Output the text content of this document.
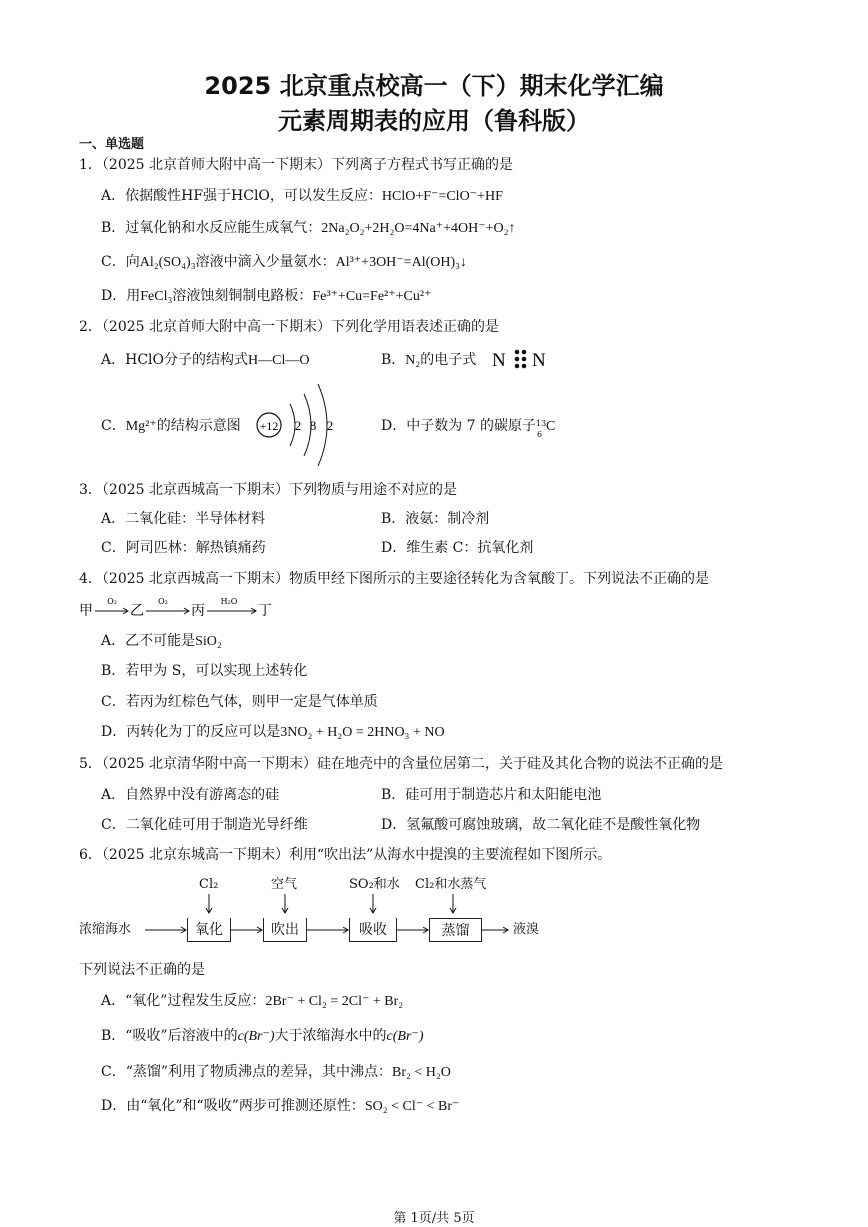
2025 北京重点校高一（下）期末化学汇编
元素周期表的应用（鲁科版）
一、单选题
1．（2025 北京首师大附中高一下期末）下列离子方程式书写正确的是
A．依据酸性HF强于HClO，可以发生反应：HClO+F⁻=ClO⁻+HF
B．过氧化钠和水反应能生成氧气：2Na₂O₂+2H₂O=4Na⁺+4OH⁻+O₂↑
C．向Al₂(SO₄)₃溶液中滴入少量氨水：Al³⁺+3OH⁻=Al(OH)₃↓
D．用FeCl₃溶液蚀刻铜制电路板：Fe³⁺+Cu=Fe²⁺+Cu²⁺
2．（2025 北京首师大附中高一下期末）下列化学用语表述正确的是
A．HClO分子的结构式H—Cl—O	B．N₂的电子式 N N
C．Mg²⁺的结构示意图 +12 2 8 2	D．中子数为 7 的碳原子 13
6
C
3．（2025 北京西城高一下期末）下列物质与用途不对应的是
A．二氧化硅：半导体材料	B．液氨：制冷剂
C．阿司匹林：解热镇痛药	D．维生素 C：抗氧化剂
4．（2025 北京西城高一下期末）物质甲经下图所示的主要途径转化为含氧酸丁。下列说法不正确的是
甲
O₂
乙
O₂
丙
H₂O
丁
A．乙不可能是SiO₂
B．若甲为 S，可以实现上述转化
C．若丙为红棕色气体，则甲一定是气体单质
D．丙转化为丁的反应可以是3NO₂ + H₂O = 2HNO₃ + NO
5．（2025 北京清华附中高一下期末）硅在地壳中的含量位居第二，关于硅及其化合物的说法不正确的是
A．自然界中没有游离态的硅	B．硅可用于制造芯片和太阳能电池
C．二氧化硅可用于制造光导纤维	D．氢氟酸可腐蚀玻璃，故二氧化硅不是酸性氧化物
6．（2025 北京东城高一下期末）利用“吹出法”从海水中提溴的主要流程如下图所示。
Cl₂	空气	SO₂和水 Cl₂和水蒸气
浓缩海水	氧化	吹出	吸收	蒸馏	液溴
下列说法不正确的是
A．“氧化”过程发生反应：2Br⁻ + Cl₂ = 2Cl⁻ + Br₂
B．“吸收”后溶液中的c(Br⁻)大于浓缩海水中的c(Br⁻)
C．“蒸馏”利用了物质沸点的差异，其中沸点：Br₂ < H₂O
D．由“氧化”和“吸收”两步可推测还原性：SO₂ < Cl⁻ < Br⁻
第 1页/共 5页
